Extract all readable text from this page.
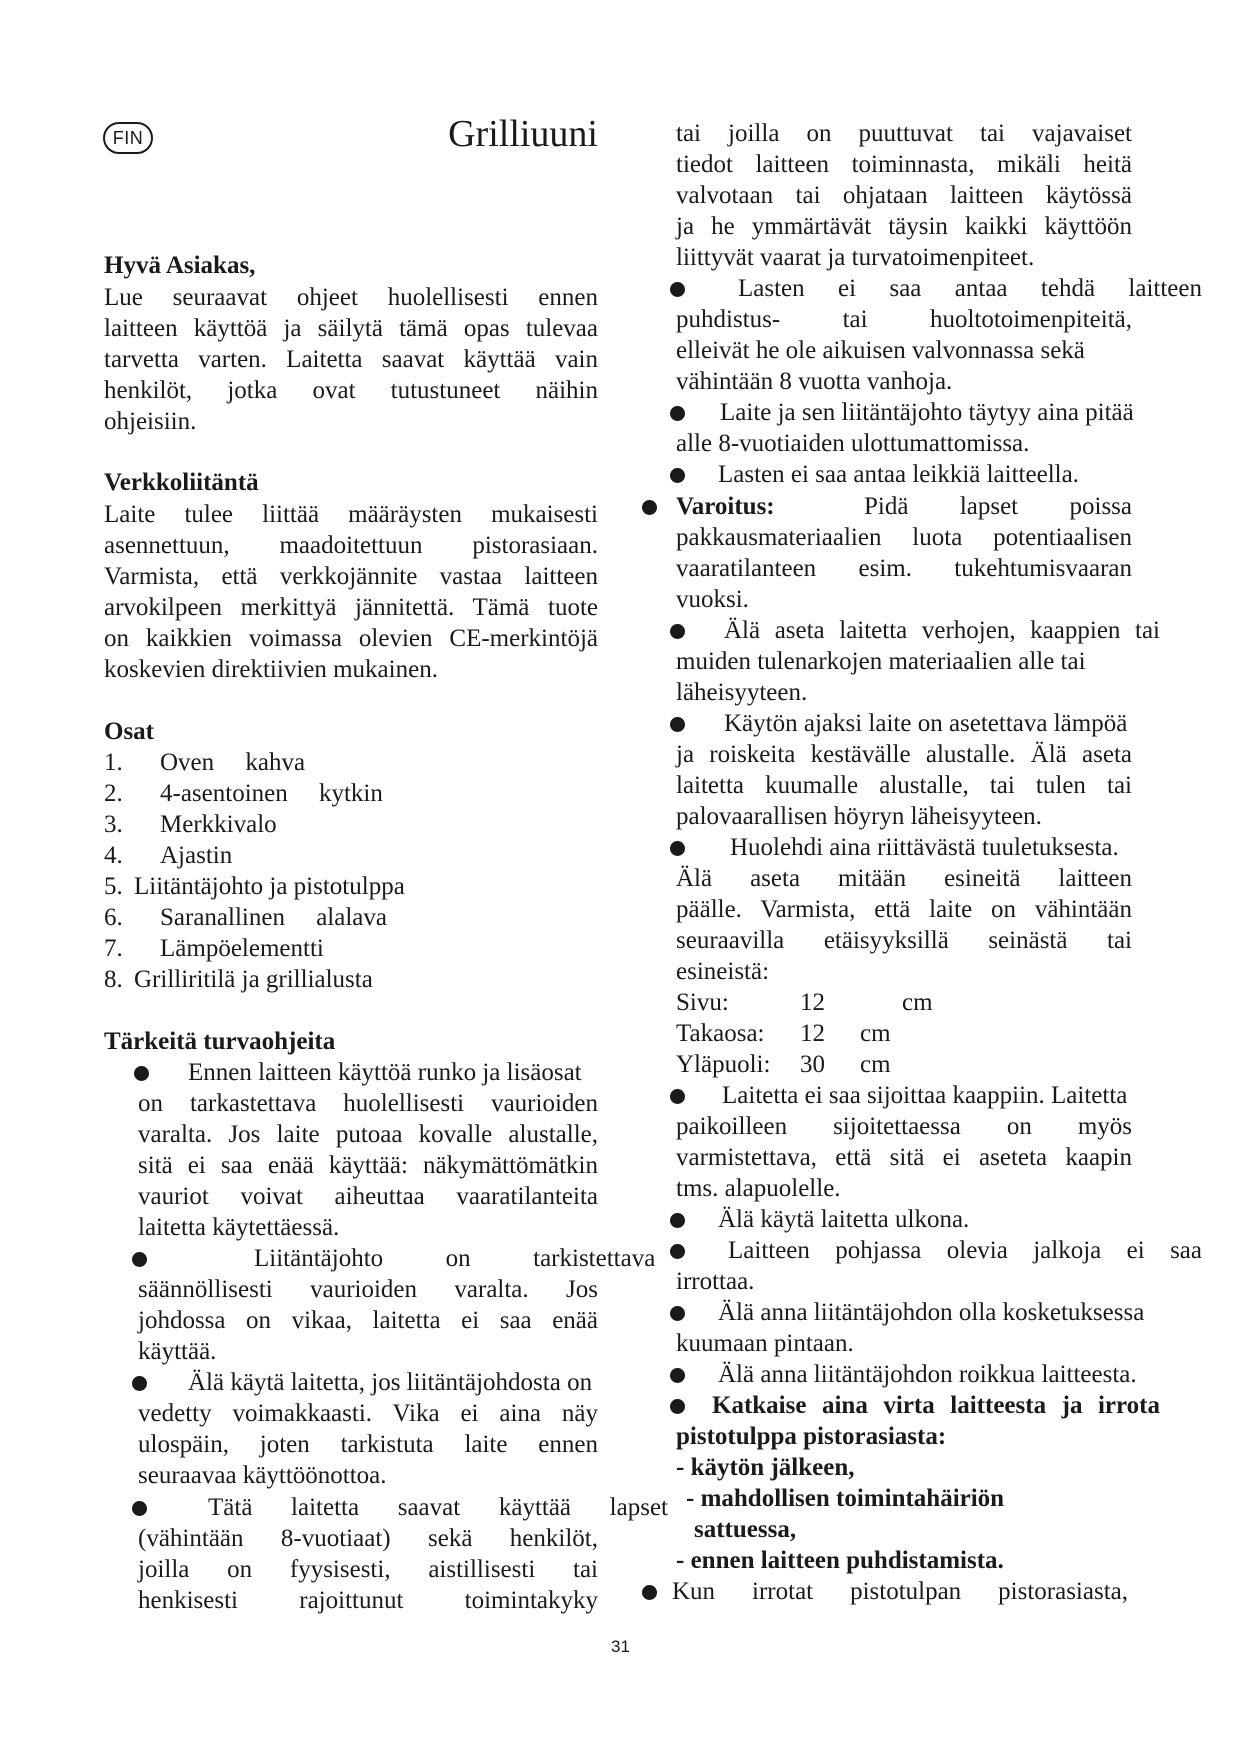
FIN	Grilliuuni
Hyvä Asiakas,
Lue seuraavat ohjeet huolellisesti ennen
laitteen käyttöä ja säilytä tämä opas tulevaa
tarvetta varten. Laitetta saavat käyttää vain
henkilöt, jotka ovat tutustuneet näihin
ohjeisiin.
Verkkoliitäntä
Laite tulee liittää määräysten mukaisesti
asennettuun, maadoitettuun pistorasiaan.
Varmista, että verkkojännite vastaa laitteen
arvokilpeen merkittyä jännitettä. Tämä tuote
on kaikkien voimassa olevien CE-merkintöjä
koskevien direktiivien mukainen.
Osat
1. Oven     kahva
2. 4-asentoinen     kytkin
3. Merkkivalo
4. Ajastin
5. Liitäntäjohto ja pistotulppa
6. Saranallinen     alalava
7. Lämpöelementti
8. Grilliritilä ja grillialusta
Tärkeitä turvaohjeita
Ennen laitteen käyttöä runko ja lisäosat
on tarkastettava huolellisesti vaurioiden
varalta. Jos laite putoaa kovalle alustalle,
sitä ei saa enää käyttää: näkymättömätkin
vauriot voivat aiheuttaa vaaratilanteita
laitetta käytettäessä.
Liitäntäjohto          on          tarkistettava
säännöllisesti vaurioiden varalta. Jos
johdossa on vikaa, laitetta ei saa enää
käyttää.
Älä käytä laitetta, jos liitäntäjohdosta on
vedetty voimakkaasti. Vika ei aina näy
ulospäin, joten tarkistuta laite ennen
seuraavaa käyttöönottoa.
Tätä laitetta saavat käyttää lapset
(vähintään 8-vuotiaat) sekä henkilöt,
joilla on fyysisesti, aistillisesti tai
henkisesti rajoittunut toimintakyky
tai joilla on puuttuvat tai vajavaiset
tiedot laitteen toiminnasta, mikäli heitä
valvotaan tai ohjataan laitteen käytössä
ja he ymmärtävät täysin kaikki käyttöön
liittyvät vaarat ja turvatoimenpiteet.
Lasten ei saa antaa tehdä laitteen
puhdistus-       tai       huoltotoimenpiteitä,
elleivät he ole aikuisen valvonnassa sekä
vähintään 8 vuotta vanhoja.
Laite ja sen liitäntäjohto täytyy aina pitää
alle 8-vuotiaiden ulottumattomissa.
Lasten ei saa antaa leikkiä laitteella.
Varoitus:	Pidä    lapset    poissa
pakkausmateriaalien luota potentiaalisen
vaaratilanteen esim. tukehtumisvaaran
vuoksi.
Älä aseta laitetta verhojen, kaappien tai
muiden tulenarkojen materiaalien alle tai
läheisyyteen.
Käytön ajaksi laite on asetettava lämpöä
ja roiskeita kestävälle alustalle. Älä aseta
laitetta kuumalle alustalle, tai tulen tai
palovaarallisen höyryn läheisyyteen.
Huolehdi aina riittävästä tuuletuksesta.
Älä aseta mitään esineitä laitteen
päälle. Varmista, että laite on vähintään
seuraavilla etäisyyksillä seinästä tai
esineistä:
Sivu:	12	cm
Takaosa: 12 cm
Yläpuoli: 30 cm
Laitetta ei saa sijoittaa kaappiin. Laitetta
paikoilleen sijoitettaessa on myös
varmistettava, että sitä ei aseteta kaapin
tms. alapuolelle.
Älä käytä laitetta ulkona.
Laitteen pohjassa olevia jalkoja ei saa
irrottaa.
Älä anna liitäntäjohdon olla kosketuksessa
kuumaan pintaan.
Älä anna liitäntäjohdon roikkua laitteesta.
Katkaise aina virta laitteesta ja irrota
pistotulppa pistorasiasta:
- käytön jälkeen,
- mahdollisen toimintahäiriön
sattuessa,
- ennen laitteen puhdistamista.
Kun irrotat pistotulpan pistorasiasta,
31
